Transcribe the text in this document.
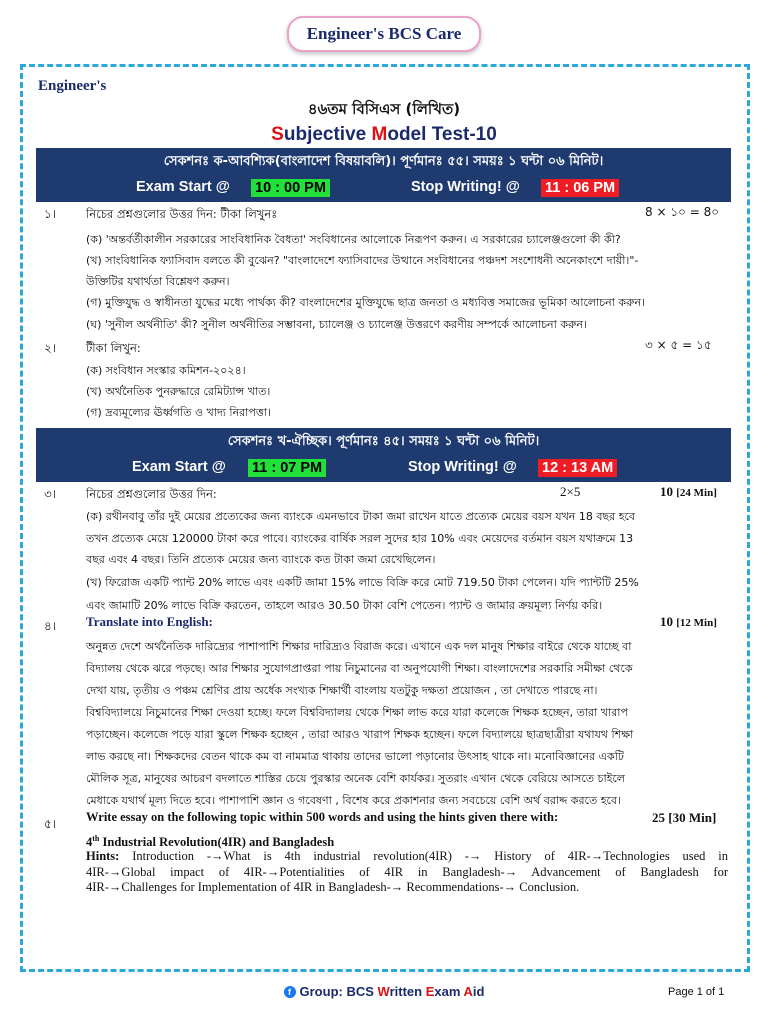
Engineer's BCS Care
Engineer's
৪৬তম বিসিএস (লিখিত)
Subjective Model Test-10
সেকশনঃ ক-আবশ্যিক(বাংলাদেশ বিষয়াবলি)। পূর্ণমানঃ ৫৫। সময়ঃ ১ ঘন্টা ০৬ মিনিট।
Exam Start @ 10 : 00 PM	Stop Writing! @ 11 : 06 PM
১।	নিচের প্রশ্নগুলোর উত্তর দিন: টীকা লিখুনঃ	8 × ১০ = 8০
(ক) 'অন্তর্বর্তীকালীন সরকারের সাংবিধানিক বৈধতা' সংবিধানের আলোকে নিরূপণ করুন। এ সরকারের চ্যালেঞ্জগুলো কী কী?
(খ) সাংবিধানিক ফ্যাসিবাদ বলতে কী বুঝেন? "বাংলাদেশে ফ্যাসিবাদের উত্থানে সংবিধানের পঞ্চদশ সংশোধনী অনেকাংশে দায়ী।"-
উক্তিটির যথার্থতা বিশ্লেষণ করুন।
(গ) মুক্তিযুদ্ধ ও স্বাধীনতা যুদ্ধের মধ্যে পার্থক্য কী? বাংলাদেশের মুক্তিযুদ্ধে ছাত্র জনতা ও মধ্যবিত্ত সমাজের ভূমিকা আলোচনা করুন।
(ঘ) 'সুনীল অর্থনীতি' কী? সুনীল অর্থনীতির সম্ভাবনা, চ্যালেঞ্জ ও চ্যালেঞ্জ উত্তরণে করণীয় সম্পর্কে আলোচনা করুন।
২।	টীকা লিখুন:	৩ × ৫ = ১৫
(ক) সংবিধান সংস্কার কমিশন-২০২৪।
(খ) অর্থনৈতিক পুনরুদ্ধারে রেমিট্যান্স খাত।
(গ) দ্রব্যমূল্যের ঊর্ধ্বগতি ও খাদ্য নিরাপত্তা।
সেকশনঃ খ-ঐচ্ছিক। পূর্ণমানঃ ৪৫। সময়ঃ ১ ঘন্টা ০৬ মিনিট।
Exam Start @ 11 : 07 PM	Stop Writing! @ 12 : 13 AM
৩।	নিচের প্রশ্নগুলোর উত্তর দিন:	2×5	10 [24 Min]
(ক) রথীনবাবু তাঁর দুই মেয়ের প্রত্যেকের জন্য ব্যাংকে এমনভাবে টাকা জমা রাখেন যাতে প্রত্যেক মেয়ের বয়স যখন 18 বছর হবে
তখন প্রত্যেক মেয়ে 120000 টাকা করে পাবে। ব্যাংকের বার্ষিক সরল সুদের হার 10% এবং মেয়েদের বর্তমান বয়স যথাক্রমে 13
বছর এবং 4 বছর। তিনি প্রত্যেক মেয়ের জন্য ব্যাংকে কত টাকা জমা রেখেছিলেন।
(খ) ফিরোজ একটি প্যান্ট 20% লাভে এবং একটি জামা 15% লাভে বিক্রি করে মোট 719.50 টাকা পেলেন। যদি প্যান্টটি 25%
এবং জামাটি 20% লাভে বিক্রি করতেন, তাহলে আরও 30.50 টাকা বেশি পেতেন। প্যান্ট ও জামার ক্রয়মূল্য নির্ণয় করি।
৪। Translate into English:	10 [12 Min]
অনুন্নত দেশে অর্থনৈতিক দারিদ্র্যের পাশাপাশি শিক্ষার দারিদ্র্যও বিরাজ করে। এখানে এক দল মানুষ শিক্ষার বাইরে থেকে যাচ্ছে বা
বিদ্যালয় থেকে ঝরে পড়ছে। আর শিক্ষার সুযোগপ্রাপ্তরা পায় নিচুমানের বা অনুপযোগী শিক্ষা। বাংলাদেশের সরকারি সমীক্ষা থেকে
দেখা যায়, তৃতীয় ও পঞ্চম শ্রেণির প্রায় অর্ধেক সংখ্যক শিক্ষার্থী বাংলায় যতটুকু দক্ষতা প্রয়োজন , তা দেখাতে পারছে না।
বিশ্ববিদ্যালয়ে নিচুমানের শিক্ষা দেওয়া হচ্ছে। ফলে বিশ্ববিদ্যালয় থেকে শিক্ষা লাভ করে যারা কলেজে শিক্ষক হচ্ছেন, তারা খারাপ
পড়াচ্ছেন। কলেজে পড়ে যারা স্কুলে শিক্ষক হচ্ছেন , তারা আরও খারাপ শিক্ষক হচ্ছেন। ফলে বিদ্যালয়ে ছাত্রছাত্রীরা যথাযথ শিক্ষা
লাভ করছে না। শিক্ষকদের বেতন থাকে কম বা নামমাত্র থাকায় তাদের ভালো পড়ানোর উৎসাহ থাকে না। মনোবিজ্ঞানের একটি
মৌলিক সূত্র, মানুষের আচরণ বদলাতে শাস্তির চেয়ে পুরস্কার অনেক বেশি কার্যকর। সুতরাং এখান থেকে বেরিয়ে আসতে চাইলে
মেধাকে যথার্থ মূল্য দিতে হবে। পাশাপাশি জ্ঞান ও গবেষণা , বিশেষ করে প্রকাশনার জন্য সবচেয়ে বেশি অর্থ বরাদ্দ করতে হবে।
৫। Write essay on the following topic within 500 words and using the hints given there with:	25 [30 Min]
4th Industrial Revolution(4IR) and Bangladesh
Hints: Introduction -→What is 4th industrial revolution(4IR) -→ History of 4IR-→Technologies used in
4IR-→Global impact of 4IR-→Potentialities of 4IR in Bangladesh-→ Advancement of Bangladesh for
4IR-→Challenges for Implementation of 4IR in Bangladesh-→ Recommendations-→ Conclusion.
f Group: BCS Written Exam Aid	Page 1 of 1
